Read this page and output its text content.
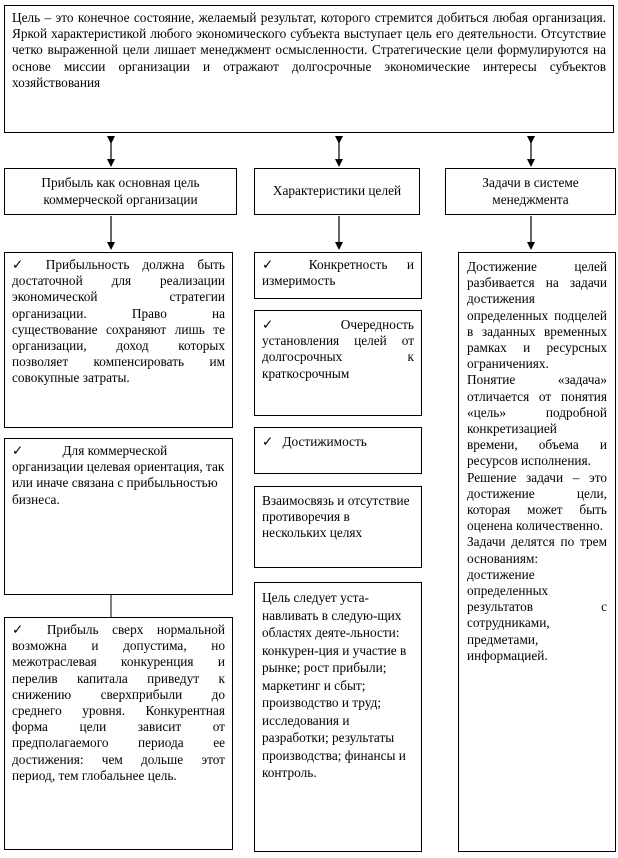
Цель – это конечное состояние, желаемый результат, которого стремится добиться любая организация. Яркой характеристикой любого экономического субъекта выступает цель его деятельности. Отсутствие четко выраженной цели лишает менеджмент осмысленности. Стратегические цели формулируются на основе миссии организации и отражают долгосрочные экономические интересы субъектов хозяйствования
Прибыль как основная цель коммерческой организации
Характеристики целей
Задачи в системе менеджмента
✓ Прибыльность должна быть достаточной для реализации экономической стратегии организации. Право на существование сохраняют лишь те организации, доход которых позволяет компенсировать им совокупные затраты.
✓	Для коммерческой организации целевая ориентация, так или иначе связана с прибыльностью бизнеса.
✓ Прибыль сверх нормальной возможна и допустима, но межотраслевая конкуренция и перелив капитала приведут к снижению сверхприбыли до среднего уровня. Конкурентная форма цели зависит от предполагаемого периода ее достижения: чем дольше этот период, тем глобальнее цель.
✓ Конкретность и измеримость
✓	Очередность установления целей от долгосрочных к краткосрочным
✓ Достижимость
Взаимосвязь и отсутствие противоречия в нескольких целях
Цель следует уста-навливать в следую-щих областях деяте-льности: конкурен-ция и участие в рынке; рост прибыли; маркетинг и сбыт; производство и труд; исследования и разработки; результаты производства; финансы и контроль.
Достижение целей разбивается на задачи достижения определенных подцелей в заданных временных рамках и ресурсных ограничениях.
Понятие «задача» отличается от понятия «цель» подробной конкретизацией времени, объема и ресурсов исполнения.
Решение задачи – это достижение цели, которая может быть оценена количественно.
Задачи делятся по трем основаниям: достижение определенных результатов с сотрудниками, предметами, информацией.
